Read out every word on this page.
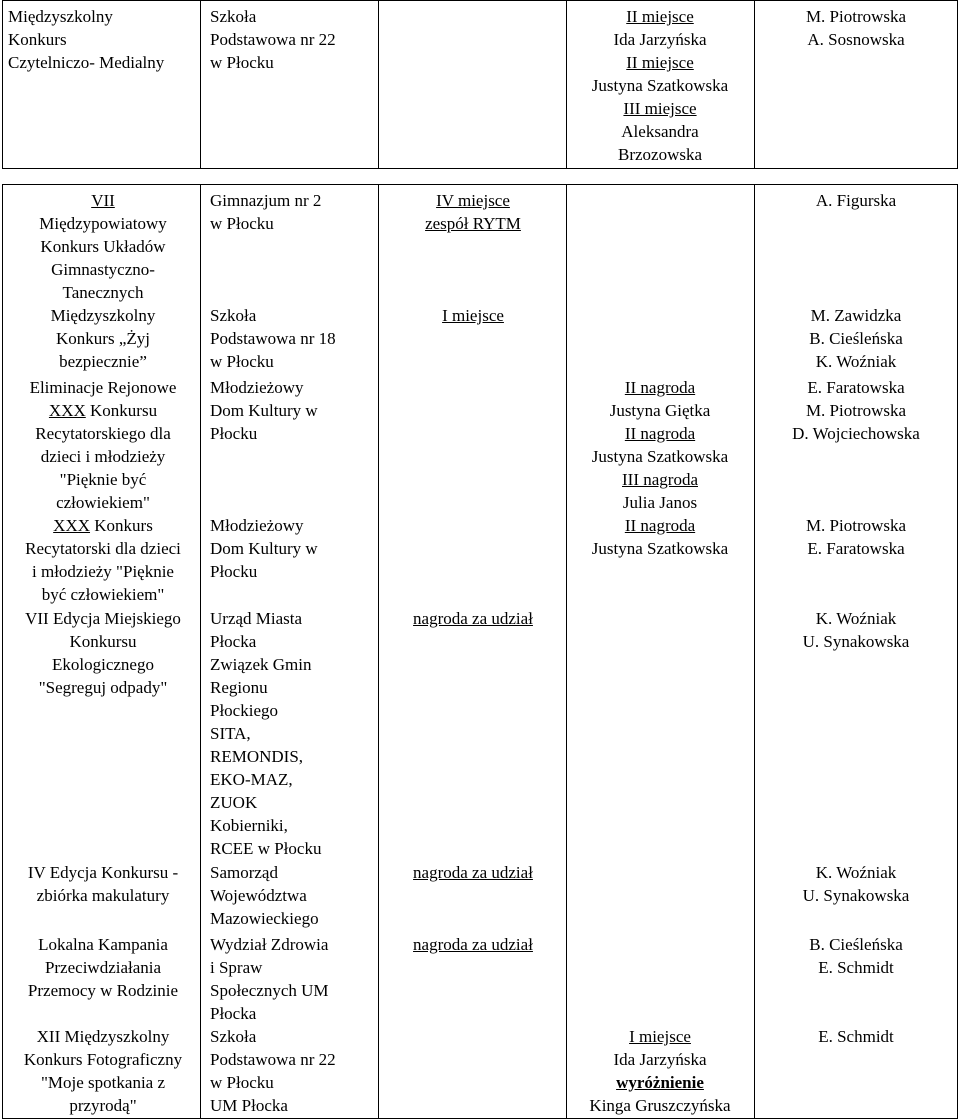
Międzyszkolny
Konkurs
Czytelniczo- Medialny
Szkoła
Podstawowa nr 22
w Płocku
II miejsce
Ida Jarzyńska
II miejsce
Justyna Szatkowska
III miejsce
Aleksandra
Brzozowska
M. Piotrowska
A. Sosnowska
VII
Międzypowiatowy
Konkurs Układów
Gimnastyczno-
Tanecznych
Międzyszkolny
Konkurs „Żyj
bezpiecznie”
Eliminacje Rejonowe
XXX Konkursu
Recytatorskiego dla
dzieci i młodzieży
"Pięknie być
człowiekiem"
XXX Konkurs
Recytatorski dla dzieci
i młodzieży "Pięknie
być człowiekiem"
VII Edycja Miejskiego
Konkursu
Ekologicznego
"Segreguj odpady"
IV Edycja Konkursu -
zbiórka makulatury
Lokalna Kampania
Przeciwdziałania
Przemocy w Rodzinie
XII Międzyszkolny
Konkurs Fotograficzny
"Moje spotkania z
przyrodą"
Gimnazjum nr 2
w Płocku
Szkoła
Podstawowa nr 18
w Płocku
Młodzieżowy
Dom Kultury w
Płocku
Młodzieżowy
Dom Kultury w
Płocku
Urząd Miasta
Płocka
Związek Gmin
Regionu
Płockiego
SITA,
REMONDIS,
EKO-MAZ,
ZUOK
Kobierniki,
RCEE w Płocku
Samorząd
Województwa
Mazowieckiego
Wydział Zdrowia
i Spraw
Społecznych UM
Płocka
Szkoła
Podstawowa nr 22
w Płocku
UM Płocka
IV miejsce
zespół RYTM
I miejsce
nagroda za udział
nagroda za udział
nagroda za udział
II nagroda
Justyna Giętka
II nagroda
Justyna Szatkowska
III nagroda
Julia Janos
II nagroda
Justyna Szatkowska
I miejsce
Ida Jarzyńska
wyróżnienie
Kinga Gruszczyńska
A. Figurska
M. Zawidzka
B. Cieśleńska
K. Woźniak
E. Faratowska
M. Piotrowska
D. Wojciechowska
M. Piotrowska
E. Faratowska
K. Woźniak
U. Synakowska
K. Woźniak
U. Synakowska
B. Cieśleńska
E. Schmidt
E. Schmidt
